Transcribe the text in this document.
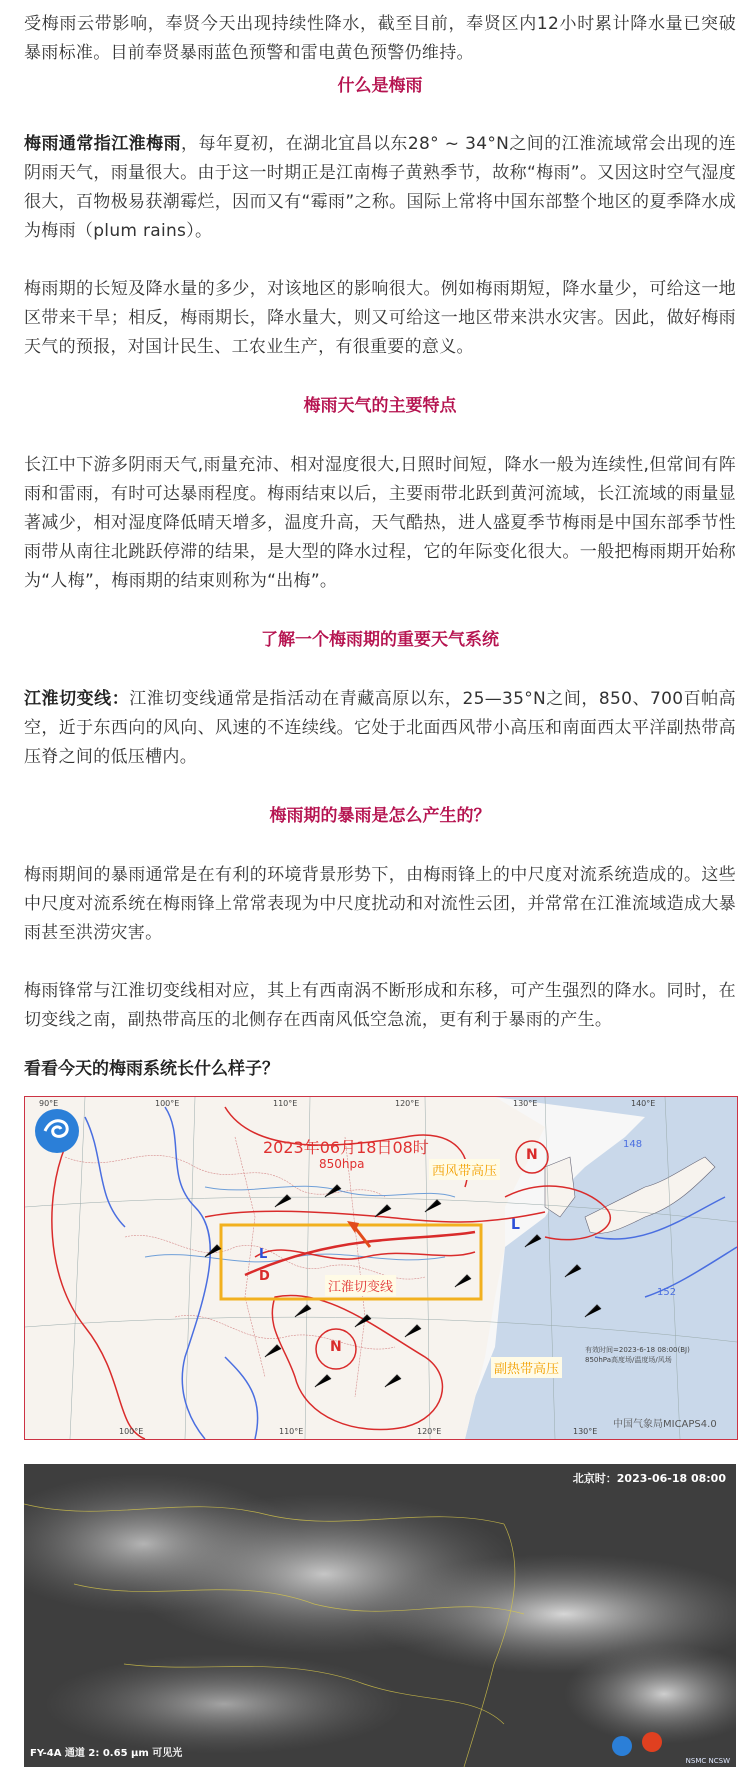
受梅雨云带影响，奉贤今天出现持续性降水，截至目前，奉贤区内12小时累计降水量已突破暴雨标准。目前奉贤暴雨蓝色预警和雷电黄色预警仍维持。

什么是梅雨

梅雨通常指江淮梅雨，每年夏初，在湖北宜昌以东28° ~ 34°N之间的江淮流域常会出现的连阴雨天气，雨量很大。由于这一时期正是江南梅子黄熟季节，故称“梅雨”。又因这时空气湿度很大，百物极易获潮霉烂，因而又有“霉雨”之称。国际上常将中国东部整个地区的夏季降水成为梅雨（plum rains）。

梅雨期的长短及降水量的多少，对该地区的影响很大。例如梅雨期短，降水量少，可给这一地区带来干旱；相反，梅雨期长，降水量大，则又可给这一地区带来洪水灾害。因此，做好梅雨天气的预报，对国计民生、工农业生产，有很重要的意义。

梅雨天气的主要特点

长江中下游多阴雨天气,雨量充沛、相对湿度很大,日照时间短，降水一般为连续性,但常间有阵雨和雷雨，有时可达暴雨程度。梅雨结束以后，主要雨带北跃到黄河流域，长江流域的雨量显著减少，相对湿度降低晴天增多，温度升高，天气酷热，进人盛夏季节梅雨是中国东部季节性雨带从南往北跳跃停滞的结果，是大型的降水过程，它的年际变化很大。一般把梅雨期开始称为“人梅”，梅雨期的结束则称为“出梅”。

了解一个梅雨期的重要天气系统

江淮切变线：江淮切变线通常是指活动在青藏高原以东，25—35°N之间，850、700百帕高空，近于东西向的风向、风速的不连续线。它处于北面西风带小高压和南面西太平洋副热带高压脊之间的低压槽内。

梅雨期的暴雨是怎么产生的？

梅雨期间的暴雨通常是在有利的环境背景形势下，由梅雨锋上的中尺度对流系统造成的。这些中尺度对流系统在梅雨锋上常常表现为中尺度扰动和对流性云团，并常常在江淮流域造成大暴雨甚至洪涝灾害。

梅雨锋常与江淮切变线相对应，其上有西南涡不断形成和东移，可产生强烈的降水。同时，在切变线之南，副热带高压的北侧存在西南风低空急流，更有利于暴雨的产生。

看看今天的梅雨系统长什么样子？
2023年06月18日08时
850hpa	西风带高压
江淮切变线
副热带高压
N
N
L
L
D
148
152
90°E	100°E	110°E	120°E	130°E	140°E
100°E	110°E	120°E	130°E
有效时间=2023-6-18 08:00(BJ)
850hPa高度场/温度场/风场
中国气象局MICAPS4.0
北京时：2023-06-18 08:00
FY-4A 通道 2: 0.65 μm 可见光
NSMC NCSW
